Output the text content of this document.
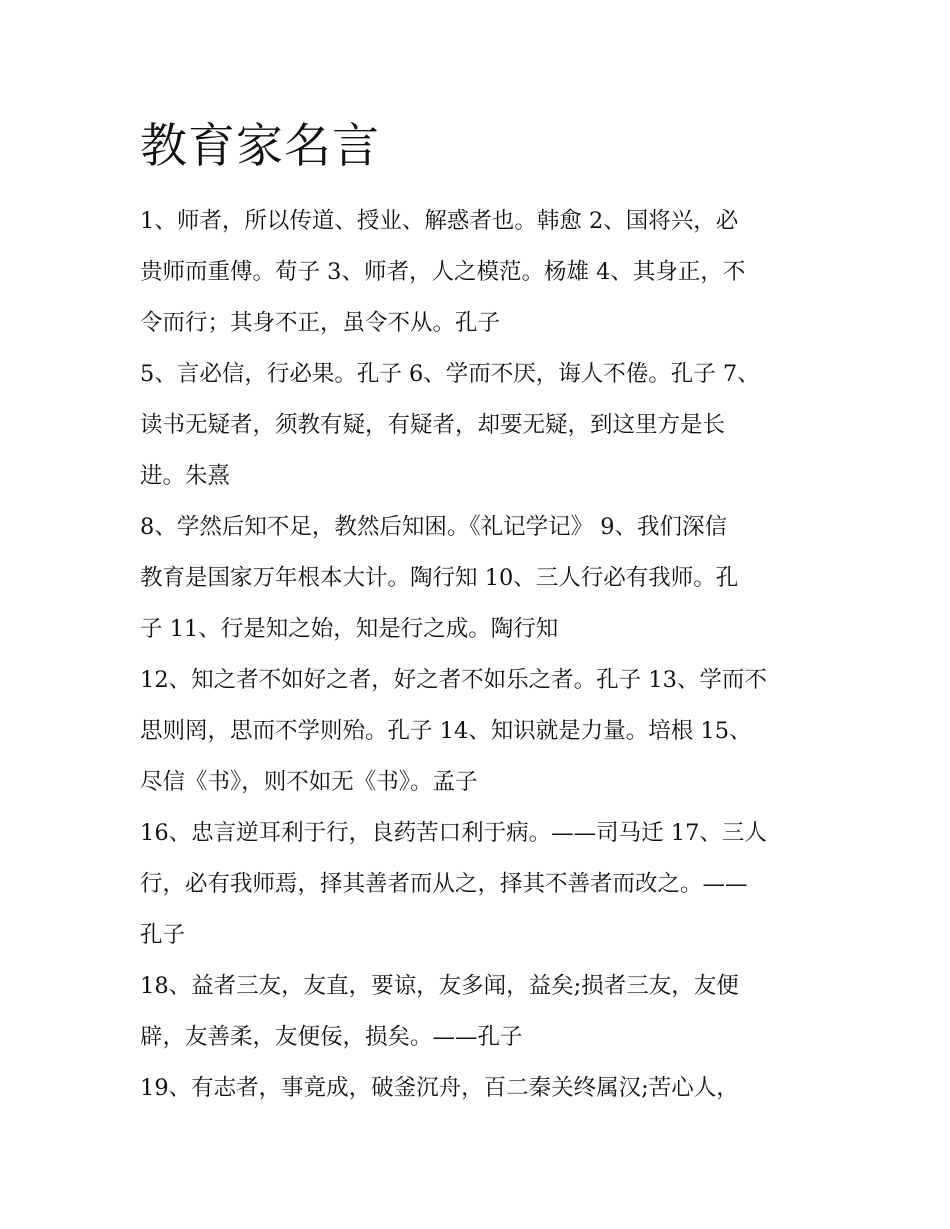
教育家名言
1、师者，所以传道、授业、解惑者也。韩愈 2、国将兴，必
贵师而重傅。荀子 3、师者，人之模范。杨雄 4、其身正，不
令而行；其身不正，虽令不从。孔子
5、言必信，行必果。孔子 6、学而不厌，诲人不倦。孔子 7、
读书无疑者，须教有疑，有疑者，却要无疑，到这里方是长
进。朱熹
8、学然后知不足，教然后知困。《礼记学记》 9、我们深信
教育是国家万年根本大计。陶行知 10、三人行必有我师。孔
子 11、行是知之始，知是行之成。陶行知
12、知之者不如好之者，好之者不如乐之者。孔子 13、学而不
思则罔，思而不学则殆。孔子 14、知识就是力量。培根 15、
尽信《书》，则不如无《书》。孟子
16、忠言逆耳利于行，良药苦口利于病。——司马迁 17、三人
行，必有我师焉，择其善者而从之，择其不善者而改之。——
孔子
18、益者三友，友直，要谅，友多闻，益矣;损者三友，友便
辟，友善柔，友便佞，损矣。——孔子
19、有志者，事竟成，破釜沉舟，百二秦关终属汉;苦心人，
